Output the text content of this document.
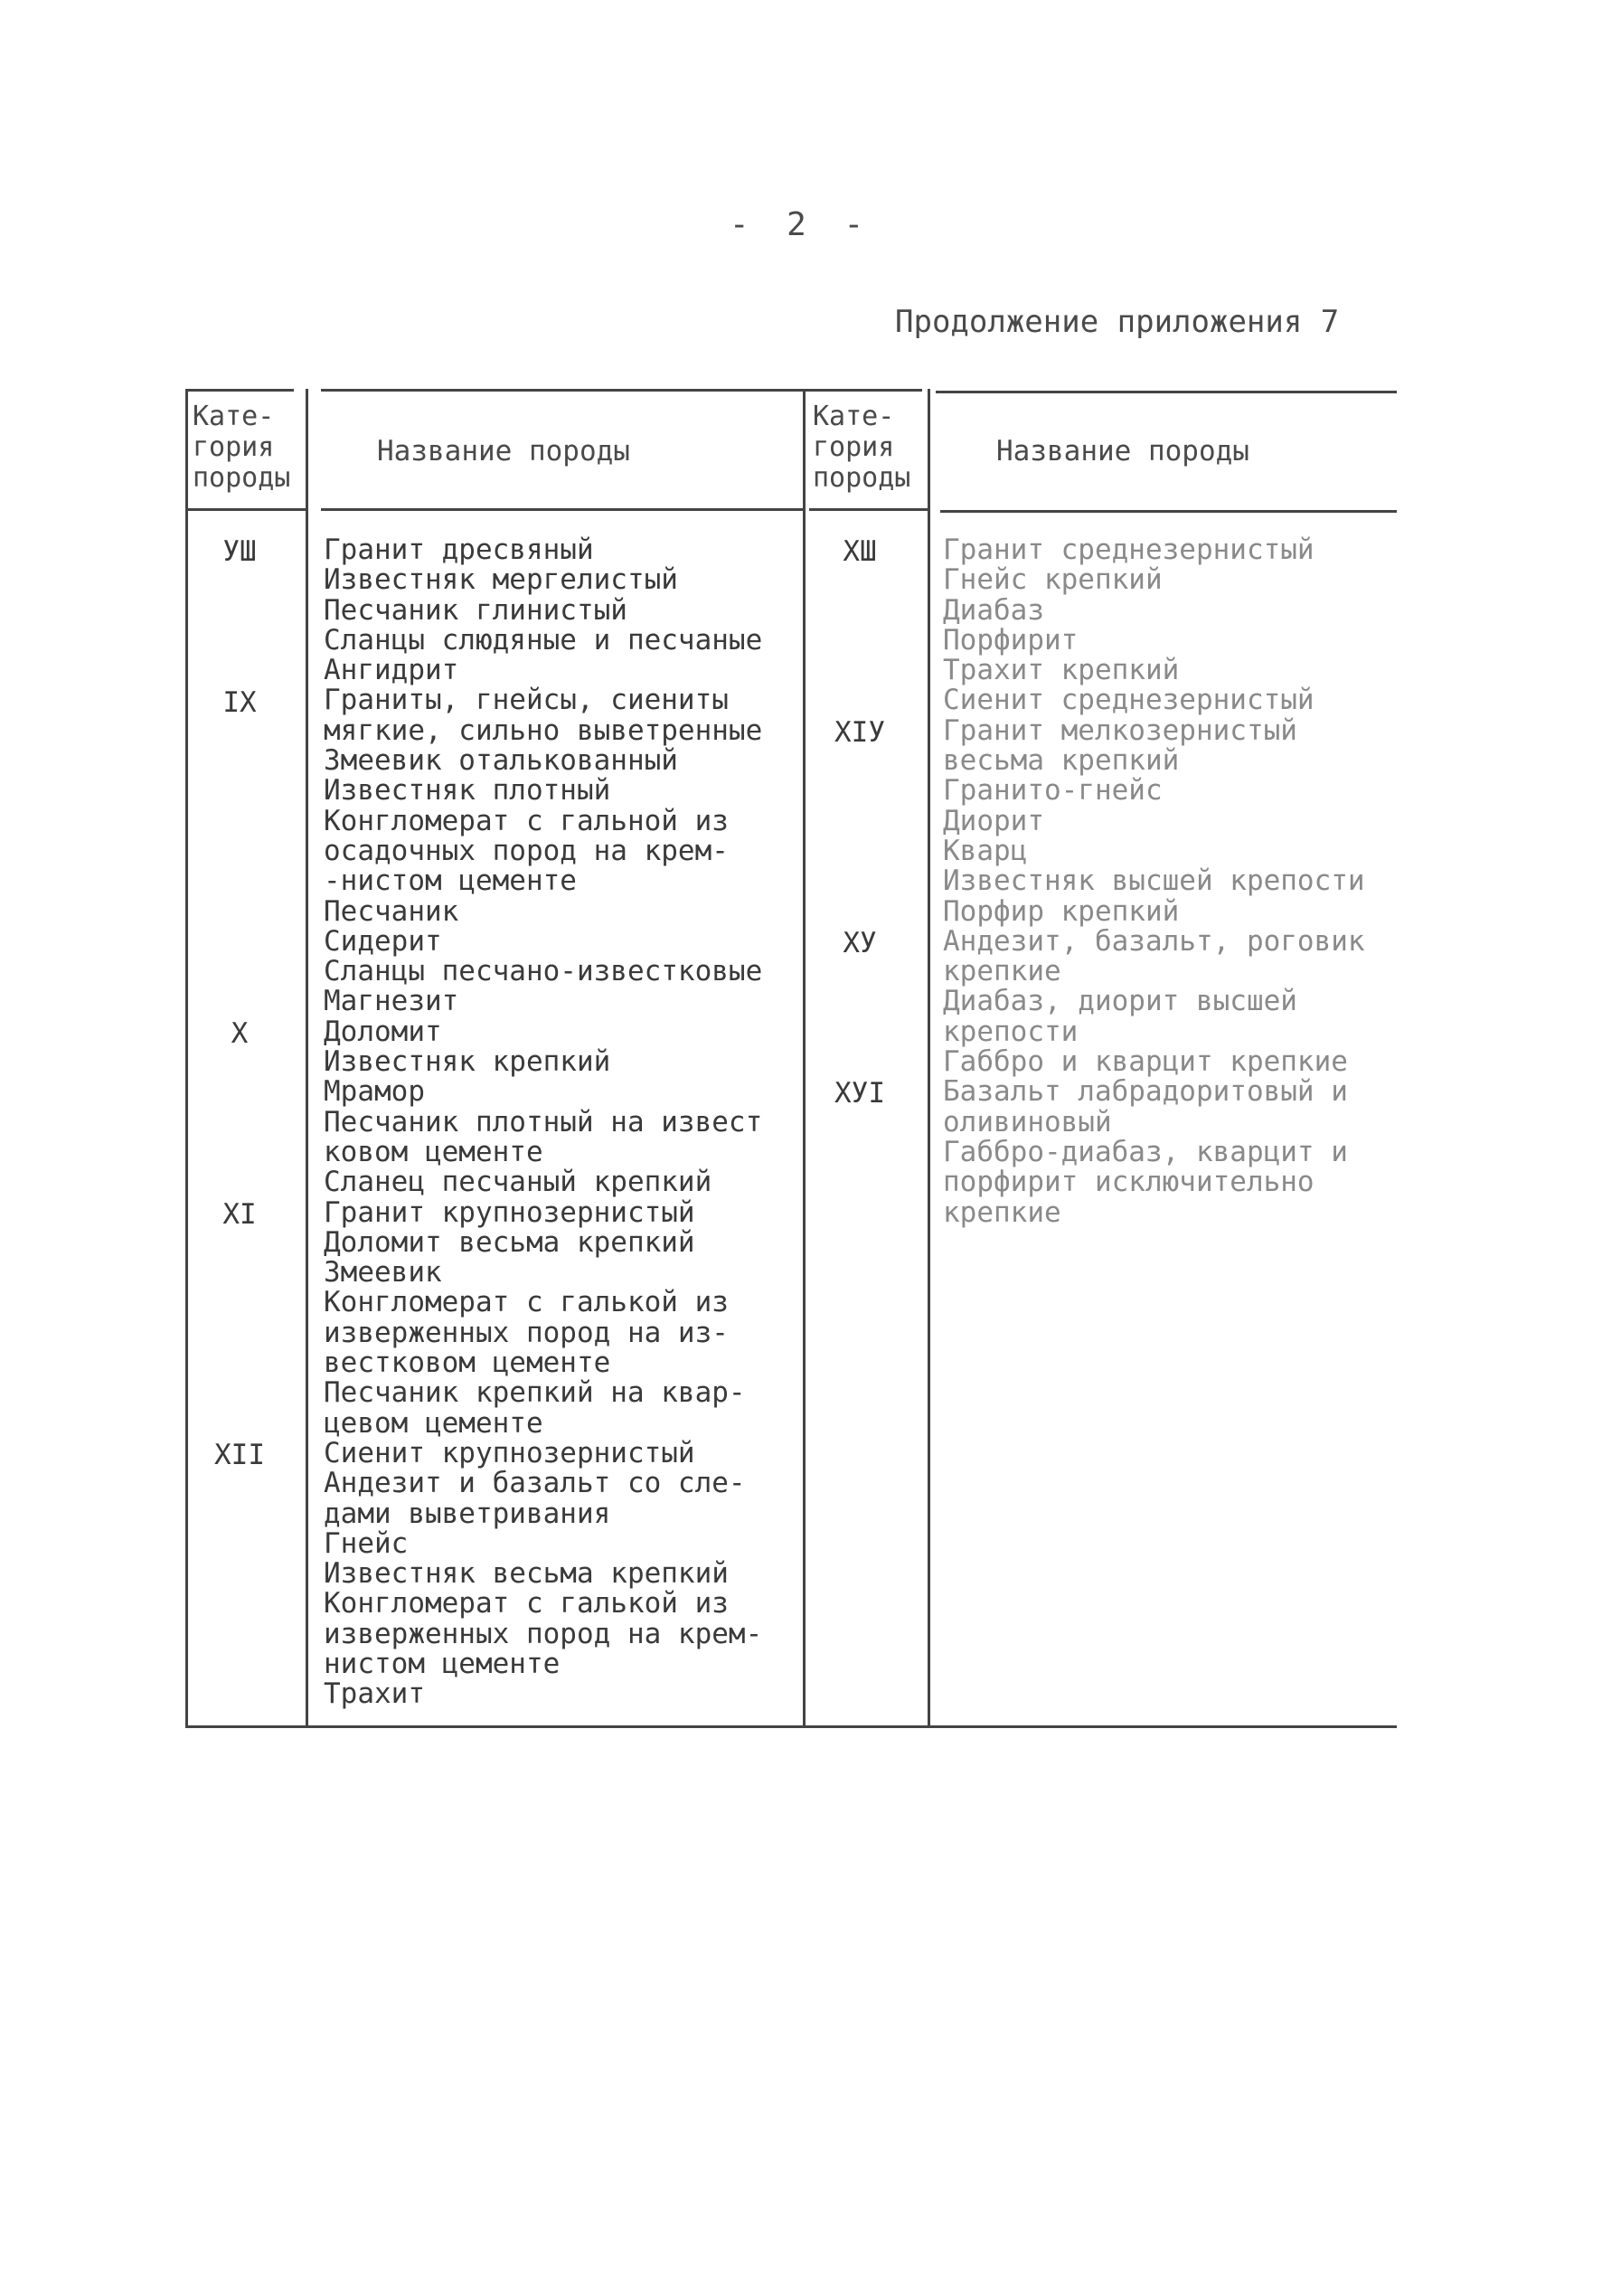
- 2 -
Продолжение приложения 7
Кате-
гория
породы
Название породы
Кате-
гория
породы
Название породы
УШ
IX
X
XI
XII
Гранит дресвяный
Известняк мергелистый
Песчаник глинистый
Сланцы слюдяные и песчаные
Ангидрит
Граниты, гнейсы, сиениты
мягкие, сильно выветренные
Змеевик отальковaнный
Известняк плотный
Конгломерат с гальной из
осадочных пород на крем-
-нистом цементе
Песчаник
Сидерит
Сланцы песчано-известковые
Магнезит
Доломит
Известняк крепкий
Мрамор
Песчаник плотный на извест
ковом цементе
Сланец песчаный крепкий
Гранит крупнозернистый
Доломит весьма крепкий
Змеевик
Конгломерат с галькой из
изверженных пород на из-
вестковом цементе
Песчаник крепкий на квар-
цевом цементе
Сиенит крупнозернистый
Андезит и базальт со сле-
дами выветривания
Гнейс
Известняк весьма крепкий
Конгломерат с галькой из
изверженных пород на крем-
нистом цементе
Трахит
ХШ
ХIУ
ХУ
ХУI
Гранит среднезернистый
Гнейс крепкий
Диабаз
Порфирит
Трахит крепкий
Сиенит среднезернистый
Гранит мелкозернистый
весьма крепкий
Гранито-гнейс
Диорит
Кварц
Известняк высшей крепости
Порфир крепкий
Андезит, базальт, роговик
крепкие
Диабаз, диорит высшей
крепости
Габбро и кварцит крепкие
Базальт лабрадоритовый и
оливиновый
Габбро-диабаз, кварцит и
порфирит исключительно
крепкие
